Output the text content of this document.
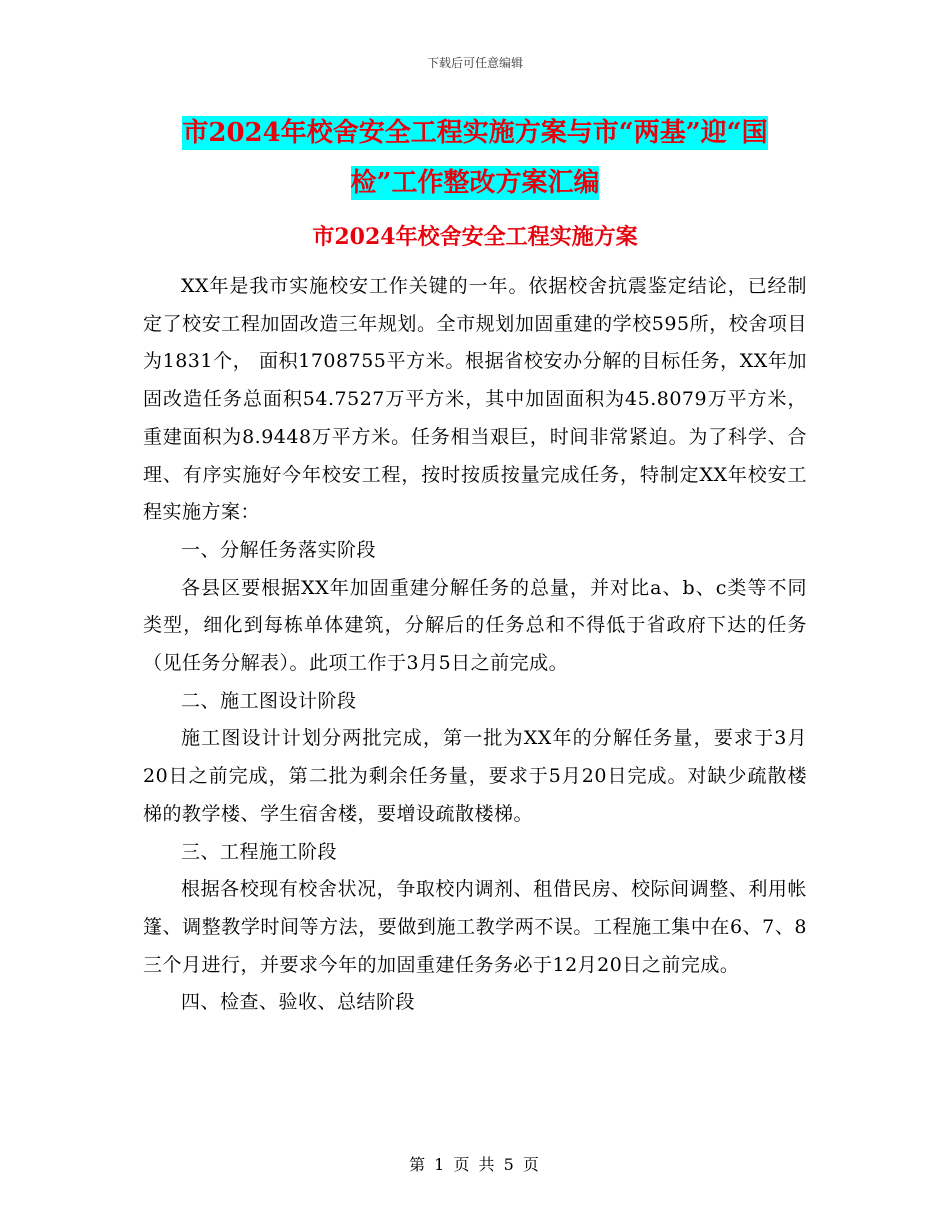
下载后可任意编辑
市2024年校舍安全工程实施方案与市“两基”迎“国
检”工作整改方案汇编
市2024年校舍安全工程实施方案

XX年是我市实施校安工作关键的一年。依据校舍抗震鉴定结论，已经制定了校安工程加固改造三年规划。全市规划加固重建的学校595所，校舍项目为1831个， 面积1708755平方米。根据省校安办分解的目标任务，XX年加固改造任务总面积54.7527万平方米，其中加固面积为45.8079万平方米，重建面积为8.9448万平方米。任务相当艰巨，时间非常紧迫。为了科学、合理、有序实施好今年校安工程，按时按质按量完成任务，特制定XX年校安工程实施方案：

一、分解任务落实阶段

各县区要根据XX年加固重建分解任务的总量，并对比a、b、c类等不同类型，细化到每栋单体建筑，分解后的任务总和不得低于省政府下达的任务（见任务分解表）。此项工作于3月5日之前完成。

二、施工图设计阶段

施工图设计计划分两批完成，第一批为XX年的分解任务量，要求于3月20日之前完成，第二批为剩余任务量，要求于5月20日完成。对缺少疏散楼梯的教学楼、学生宿舍楼，要增设疏散楼梯。

三、工程施工阶段

根据各校现有校舍状况，争取校内调剂、租借民房、校际间调整、利用帐篷、调整教学时间等方法，要做到施工教学两不误。工程施工集中在6、7、8三个月进行，并要求今年的加固重建任务务必于12月20日之前完成。

四、检查、验收、总结阶段

第 1 页 共 5 页
